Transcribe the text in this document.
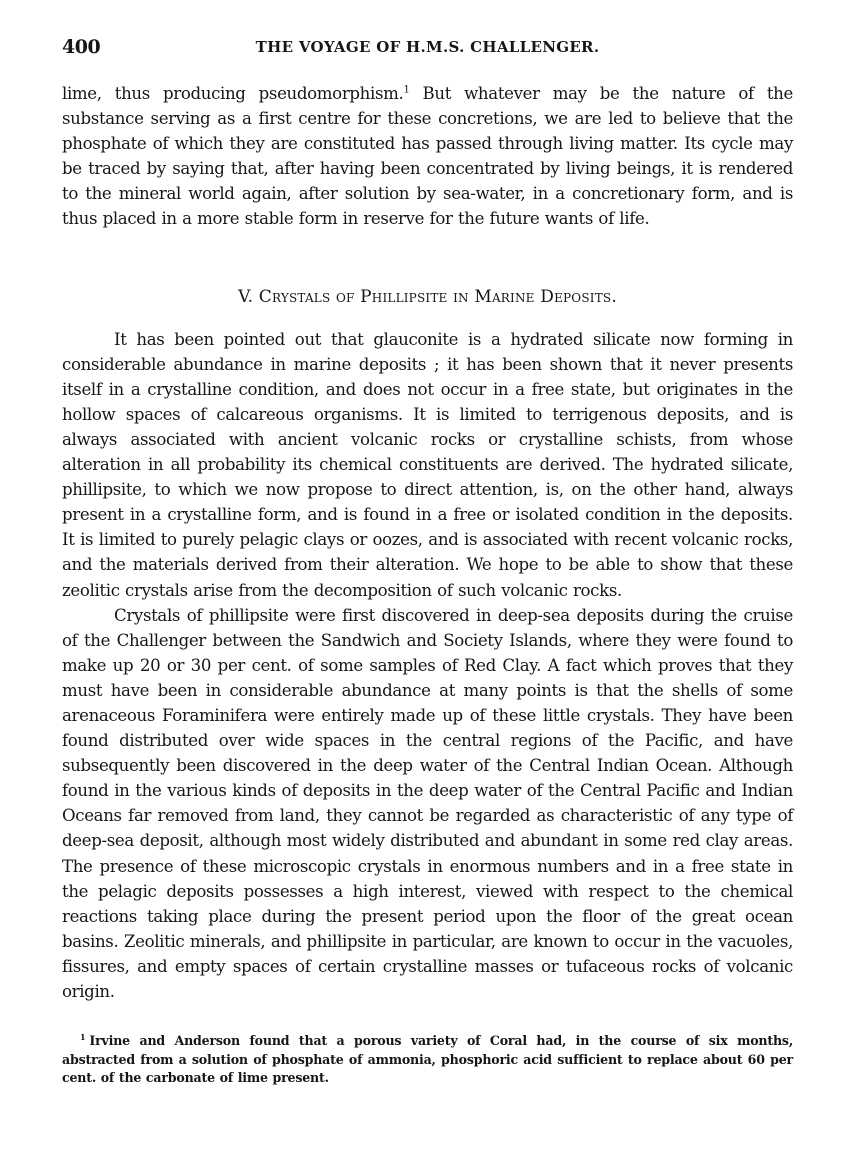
400	THE VOYAGE OF H.M.S. CHALLENGER.

lime, thus producing pseudomorphism.$^1$ But whatever may be the nature of the substance serving as a first centre for these concretions, we are led to believe that the phosphate of which they are constituted has passed through living matter. Its cycle may be traced by saying that, after having been concentrated by living beings, it is rendered to the mineral world again, after solution by sea-water, in a concretionary form, and is thus placed in a more stable form in reserve for the future wants of life.

V. Crystals of Phillipsite in Marine Deposits.

It has been pointed out that glauconite is a hydrated silicate now forming in considerable abundance in marine deposits ; it has been shown that it never presents itself in a crystalline condition, and does not occur in a free state, but originates in the hollow spaces of calcareous organisms. It is limited to terrigenous deposits, and is always associated with ancient volcanic rocks or crystalline schists, from whose alteration in all probability its chemical constituents are derived. The hydrated silicate, phillipsite, to which we now propose to direct attention, is, on the other hand, always present in a crystalline form, and is found in a free or isolated condition in the deposits. It is limited to purely pelagic clays or oozes, and is associated with recent volcanic rocks, and the materials derived from their alteration. We hope to be able to show that these zeolitic crystals arise from the decomposition of such volcanic rocks.

Crystals of phillipsite were first discovered in deep-sea deposits during the cruise of the Challenger between the Sandwich and Society Islands, where they were found to make up 20 or 30 per cent. of some samples of Red Clay. A fact which proves that they must have been in considerable abundance at many points is that the shells of some arenaceous Foraminifera were entirely made up of these little crystals. They have been found distributed over wide spaces in the central regions of the Pacific, and have subsequently been discovered in the deep water of the Central Indian Ocean. Although found in the various kinds of deposits in the deep water of the Central Pacific and Indian Oceans far removed from land, they cannot be regarded as characteristic of any type of deep-sea deposit, although most widely distributed and abundant in some red clay areas. The presence of these microscopic crystals in enormous numbers and in a free state in the pelagic deposits possesses a high interest, viewed with respect to the chemical reactions taking place during the present period upon the floor of the great ocean basins. Zeolitic minerals, and phillipsite in particular, are known to occur in the vacuoles, fissures, and empty spaces of certain crystalline masses or tufaceous rocks of volcanic origin.

$^1$ Irvine and Anderson found that a porous variety of Coral had, in the course of six months, abstracted from a solution of phosphate of ammonia, phosphoric acid sufficient to replace about 60 per cent. of the carbonate of lime present.
